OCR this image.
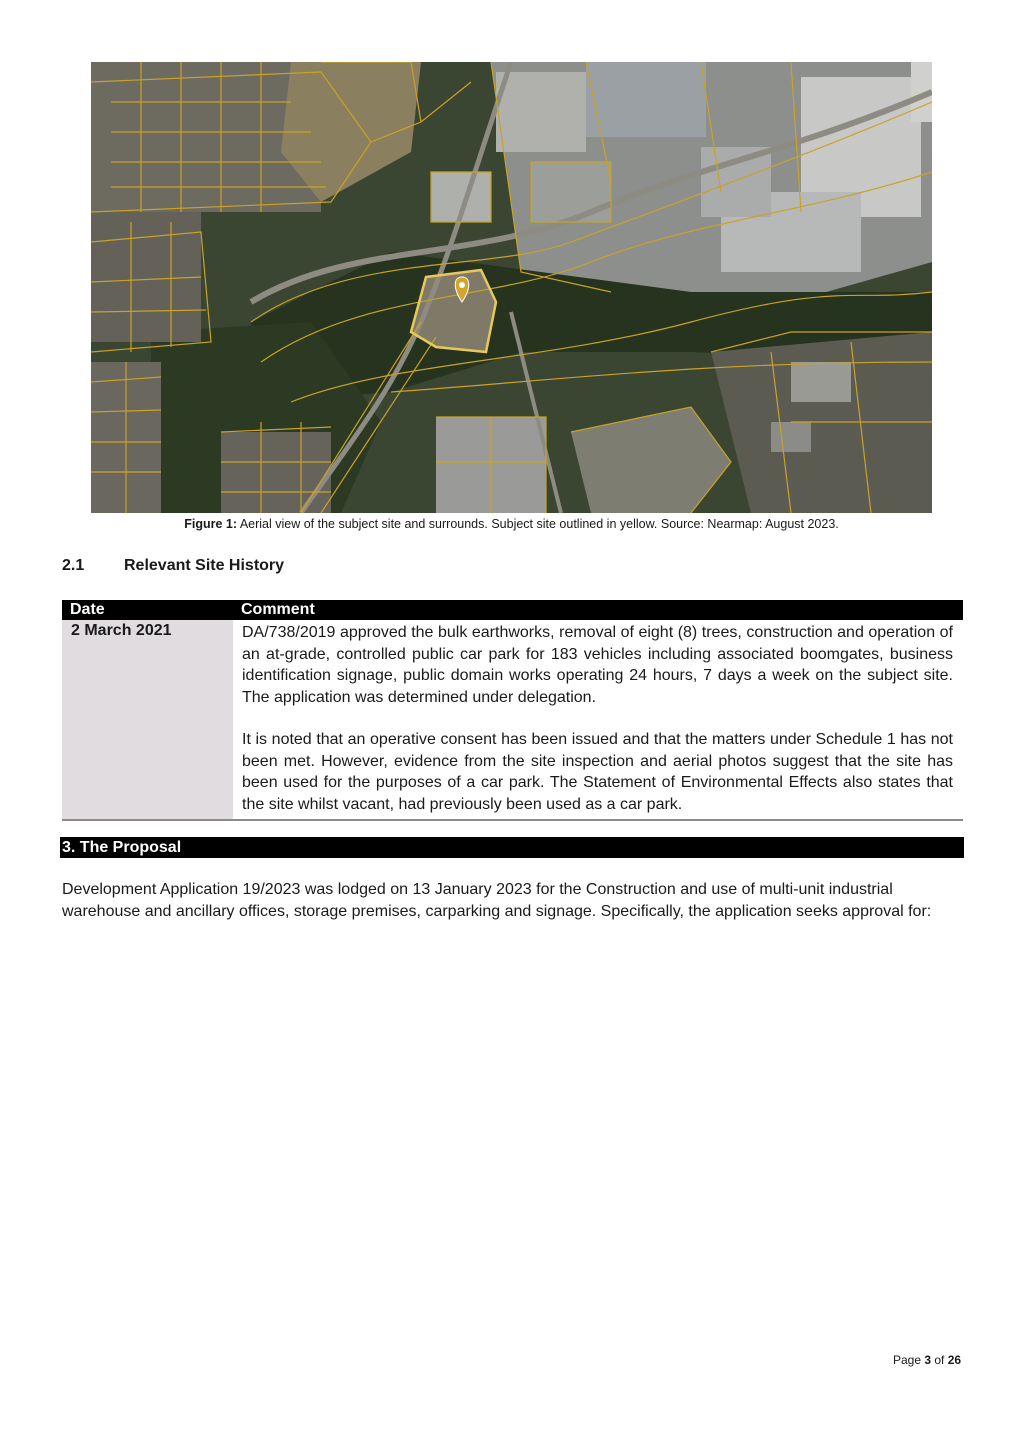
Figure 1: Aerial view of the subject site and surrounds. Subject site outlined in yellow. Source: Nearmap: August 2023.
2.1 Relevant Site History
Date	Comment
2 March 2021	DA/738/2019 approved the bulk earthworks, removal of eight (8) trees, construction and operation of an at-grade, controlled public car park for 183 vehicles including associated boomgates, business identification signage, public domain works operating 24 hours, 7 days a week on the subject site. The application was determined under delegation.

It is noted that an operative consent has been issued and that the matters under Schedule 1 has not been met. However, evidence from the site inspection and aerial photos suggest that the site has been used for the purposes of a car park. The Statement of Environmental Effects also states that the site whilst vacant, had previously been used as a car park.

3. The Proposal
Development Application 19/2023 was lodged on 13 January 2023 for the Construction and use of multi-unit industrial warehouse and ancillary offices, storage premises, carparking and signage. Specifically, the application seeks approval for:
Page 3 of 26
